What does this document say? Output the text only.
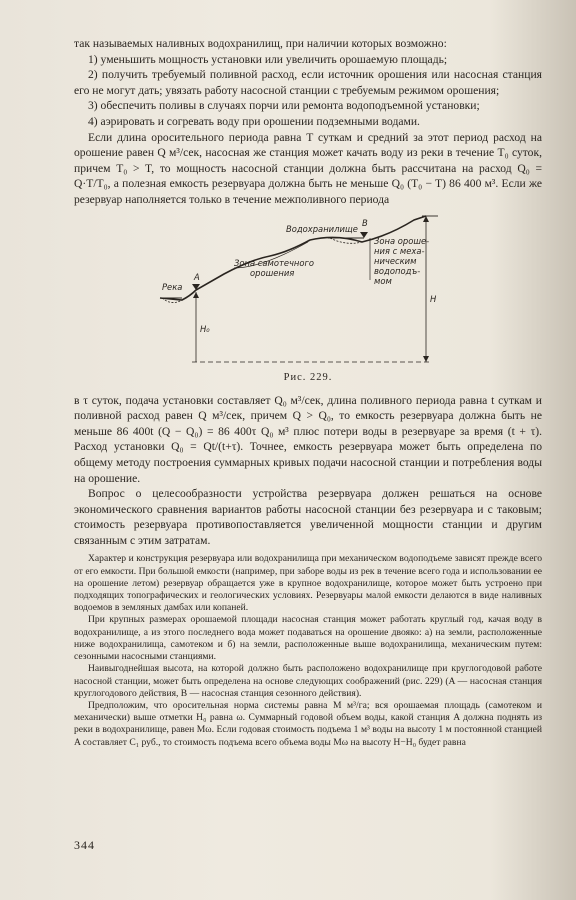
так называемых наливных водохранилищ, при наличии которых возможно:

1) уменьшить мощность установки или увеличить орошаемую площадь;

2) получить требуемый поливной расход, если источник орошения или насосная станция его не могут дать; увязать работу насосной станции с требуемым режимом орошения;

3) обеспечить поливы в случаях порчи или ремонта водоподъемной установки;

4) аэрировать и согревать воду при орошении подземными водами.

Если длина оросительного периода равна T суткам и средний за этот период расход на орошение равен Q м³/сек, насосная же станция может качать воду из реки в течение T₀ суток, причем T₀ > T, то мощность насосной станции должна быть рассчитана на расход Q₀ = Q·T/T₀, а полезная емкость резервуара должна быть не меньше Q₀ (T₀ − T) 86 400 м³. Если же резервуар наполняется только в течение межполивного периода

Водохранилище
Река
A
B
Зона самотечного
орошения
Зона ороше-
ния с меха-
ническим
водоподъ-
мом
H₀
H

Рис. 229.

в τ суток, подача установки составляет Q₀ м³/сек, длина поливного периода равна t суткам и поливной расход равен Q м³/сек, причем Q > Q₀, то емкость резервуара должна быть не меньше 86 400t (Q − Q₀) = 86 400τ Q₀ м³ плюс потери воды в резервуаре за время (t + τ). Расход установки Q₀ = Qt/(t+τ). Точнее, емкость резервуара может быть определена по общему методу построения суммарных кривых подачи насосной станции и потребления воды на орошение.

Вопрос о целесообразности устройства резервуара должен решаться на основе экономического сравнения вариантов работы насосной станции без резервуара и с таковым; стоимость резервуара противопоставляется увеличенной мощности станции и другим связанным с этим затратам.

Характер и конструкция резервуара или водохранилища при механическом водоподъеме зависят прежде всего от его емкости. При большой емкости (например, при заборе воды из рек в течение всего года и использовании ее на орошение летом) резервуар обращается уже в крупное водохранилище, которое может быть устроено при подходящих топографических и геологических условиях. Резервуары малой емкости делаются в виде наливных водоемов в земляных дамбах или копаней.

При крупных размерах орошаемой площади насосная станция может работать круглый год, качая воду в водохранилище, а из этого последнего вода может подаваться на орошение двояко: а) на земли, расположенные ниже водохранилища, самотеком и б) на земли, расположенные выше водохранилища, механическим путем: сезонными насосными станциями.

Наивыгоднейшая высота, на которой должно быть расположено водохранилище при круглогодовой работе насосной станции, может быть определена на основе следующих соображений (рис. 229) (A — насосная станция круглогодового действия, B — насосная станция сезонного действия).

Предположим, что оросительная норма системы равна M м³/га; вся орошаемая площадь (самотеком и механически) выше отметки H₀ равна ω. Суммарный годовой объем воды, какой станция A должна поднять из реки в водохранилище, равен Mω. Если годовая стоимость подъема 1 м³ воды на высоту 1 м постоянной станцией A составляет C₁ руб., то стоимость подъема всего объема воды Mω на высоту H−H₀ будет равна

344
